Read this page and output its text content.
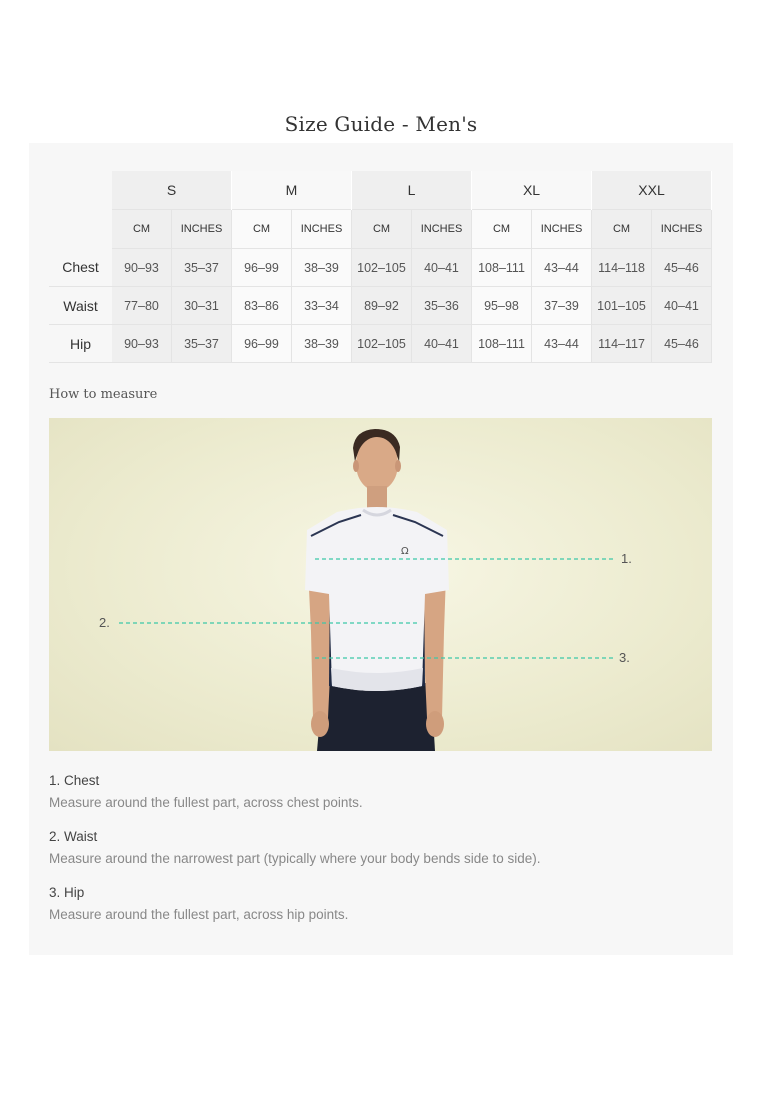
Size Guide - Men's
	S		M		L		XL		XXL	
	CM	INCHES	CM	INCHES	CM	INCHES	CM	INCHES	CM	INCHES
Chest	90–93	35–37	96–99	38–39	102–105	40–41	108–111	43–44	114–118	45–46
Waist	77–80	30–31	83–86	33–34	89–92	35–36	95–98	37–39	101–105	40–41
Hip	90–93	35–37	96–99	38–39	102–105	40–41	108–111	43–44	114–117	45–46
How to measure
Ω	1.
2.
3.
1. Chest
Measure around the fullest part, across chest points.
2. Waist
Measure around the narrowest part (typically where your body bends side to side).
3. Hip
Measure around the fullest part, across hip points.
